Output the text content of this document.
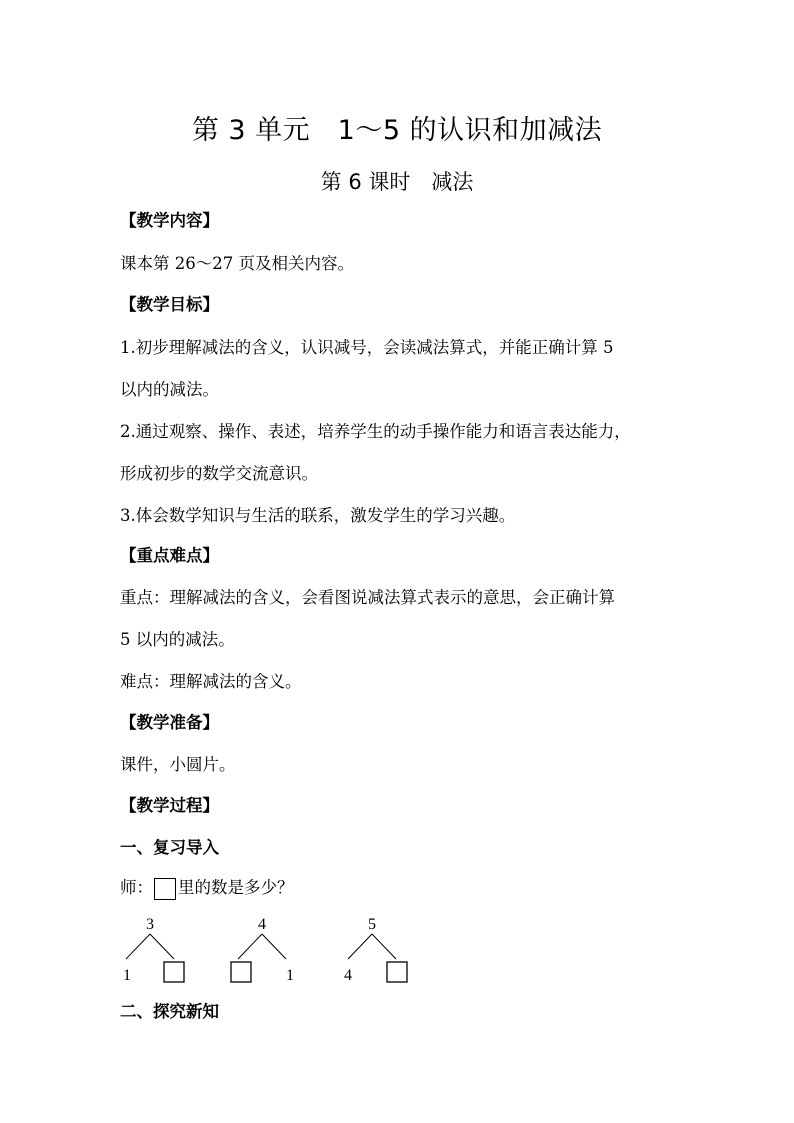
第 3 单元　1～5 的认识和加减法
第 6 课时　减法
【教学内容】
课本第 26～27 页及相关内容。
【教学目标】
1.初步理解减法的含义，认识减号，会读减法算式，并能正确计算 5
以内的减法。
2.通过观察、操作、表述，培养学生的动手操作能力和语言表达能力，
形成初步的数学交流意识。
3.体会数学知识与生活的联系，激发学生的学习兴趣。
【重点难点】
重点：理解减法的含义，会看图说减法算式表示的意思，会正确计算
5 以内的减法。
难点：理解减法的含义。
【教学准备】
课件，小圆片。
【教学过程】
一、复习导入
师： 里的数是多少？
3
1
4
1
5
4
二、探究新知
